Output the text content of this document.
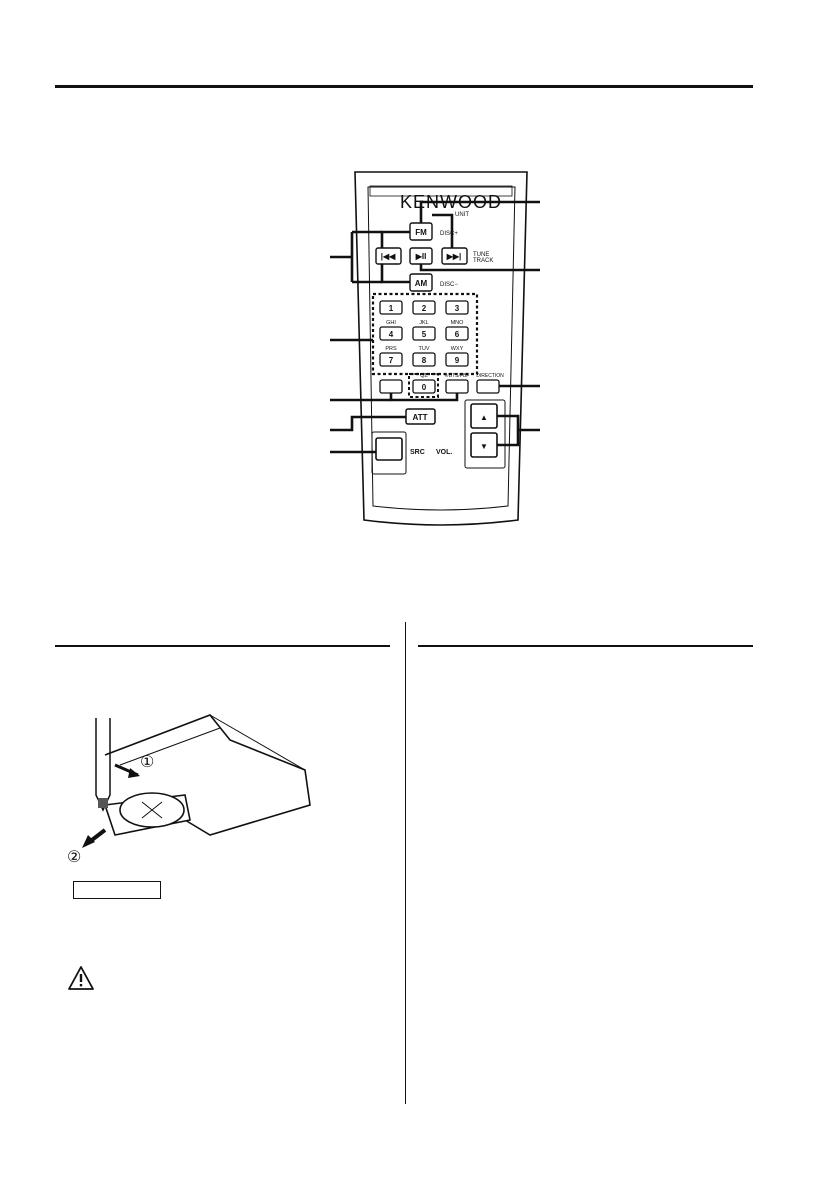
KENWOOD
UNIT
FM DISC+
|◀◀	▶II	▶▶| TUNE
TRACK
AM DISC−
1	2	3
GHI	JKL	MNO
4	5	6
PRS	TUV	WXY
7	8	9
*	QZ	#/BTS/FBF DIRECTION
0
ATT
SRC
▲
▼
VOL.
①
②
